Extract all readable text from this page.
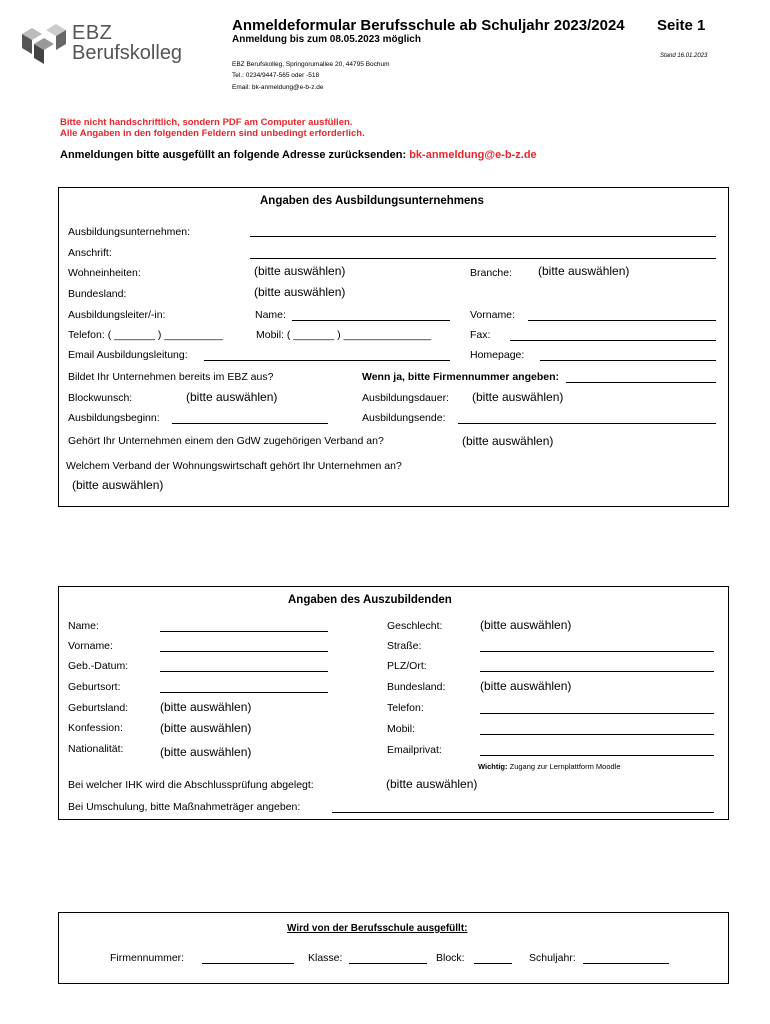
EBZ
Berufskolleg
Anmeldeformular Berufsschule ab Schuljahr 2023/2024 Seite 1
Anmeldung bis zum 08.05.2023 möglich
Stand 16.01.2023
EBZ Berufskolleg, Springorumallee 20, 44795 Bochum
Tel.: 0234/9447-565 oder -518
Email: bk-anmeldung@e-b-z.de
Bitte nicht handschriftlich, sondern PDF am Computer ausfüllen.
Alle Angaben in den folgenden Feldern sind unbedingt erforderlich.
Anmeldungen bitte ausgefüllt an folgende Adresse zurücksenden: bk-anmeldung@e-b-z.de
Angaben des Ausbildungsunternehmens
Ausbildungsunternehmen:
Anschrift:
Wohneinheiten:	(bitte auswählen)	Branche: (bitte auswählen)
Bundesland:	(bitte auswählen)
Ausbildungsleiter/-in:	Name:	Vorname:
Telefon: ( _______ ) __________	Mobil: ( _______ ) _______________	Fax:
Email Ausbildungsleitung:	Homepage:
Bildet Ihr Unternehmen bereits im EBZ aus?	Wenn ja, bitte Firmennummer angeben:
Blockwunsch:	(bitte auswählen)	Ausbildungsdauer: (bitte auswählen)
Ausbildungsbeginn:	Ausbildungsende:
Gehört Ihr Unternehmen einem den GdW zugehörigen Verband an?	(bitte auswählen)
Welchem Verband der Wohnungswirtschaft gehört Ihr Unternehmen an?
(bitte auswählen)
Angaben des Auszubildenden
Name:	Geschlecht:	(bitte auswählen)
Vorname:	Straße:
Geb.-Datum:	PLZ/Ort:
Geburtsort:	Bundesland:	(bitte auswählen)
Geburtsland:	(bitte auswählen)	Telefon:
Konfession:	(bitte auswählen)	Mobil:
Nationalität:	(bitte auswählen)	Emailprivat:
Wichtig: Zugang zur Lernplattform Moodle
Bei welcher IHK wird die Abschlussprüfung abgelegt:	(bitte auswählen)
Bei Umschulung, bitte Maßnahmeträger angeben:
Wird von der Berufsschule ausgefüllt:
Firmennummer:	Klasse:	Block:	Schuljahr:
